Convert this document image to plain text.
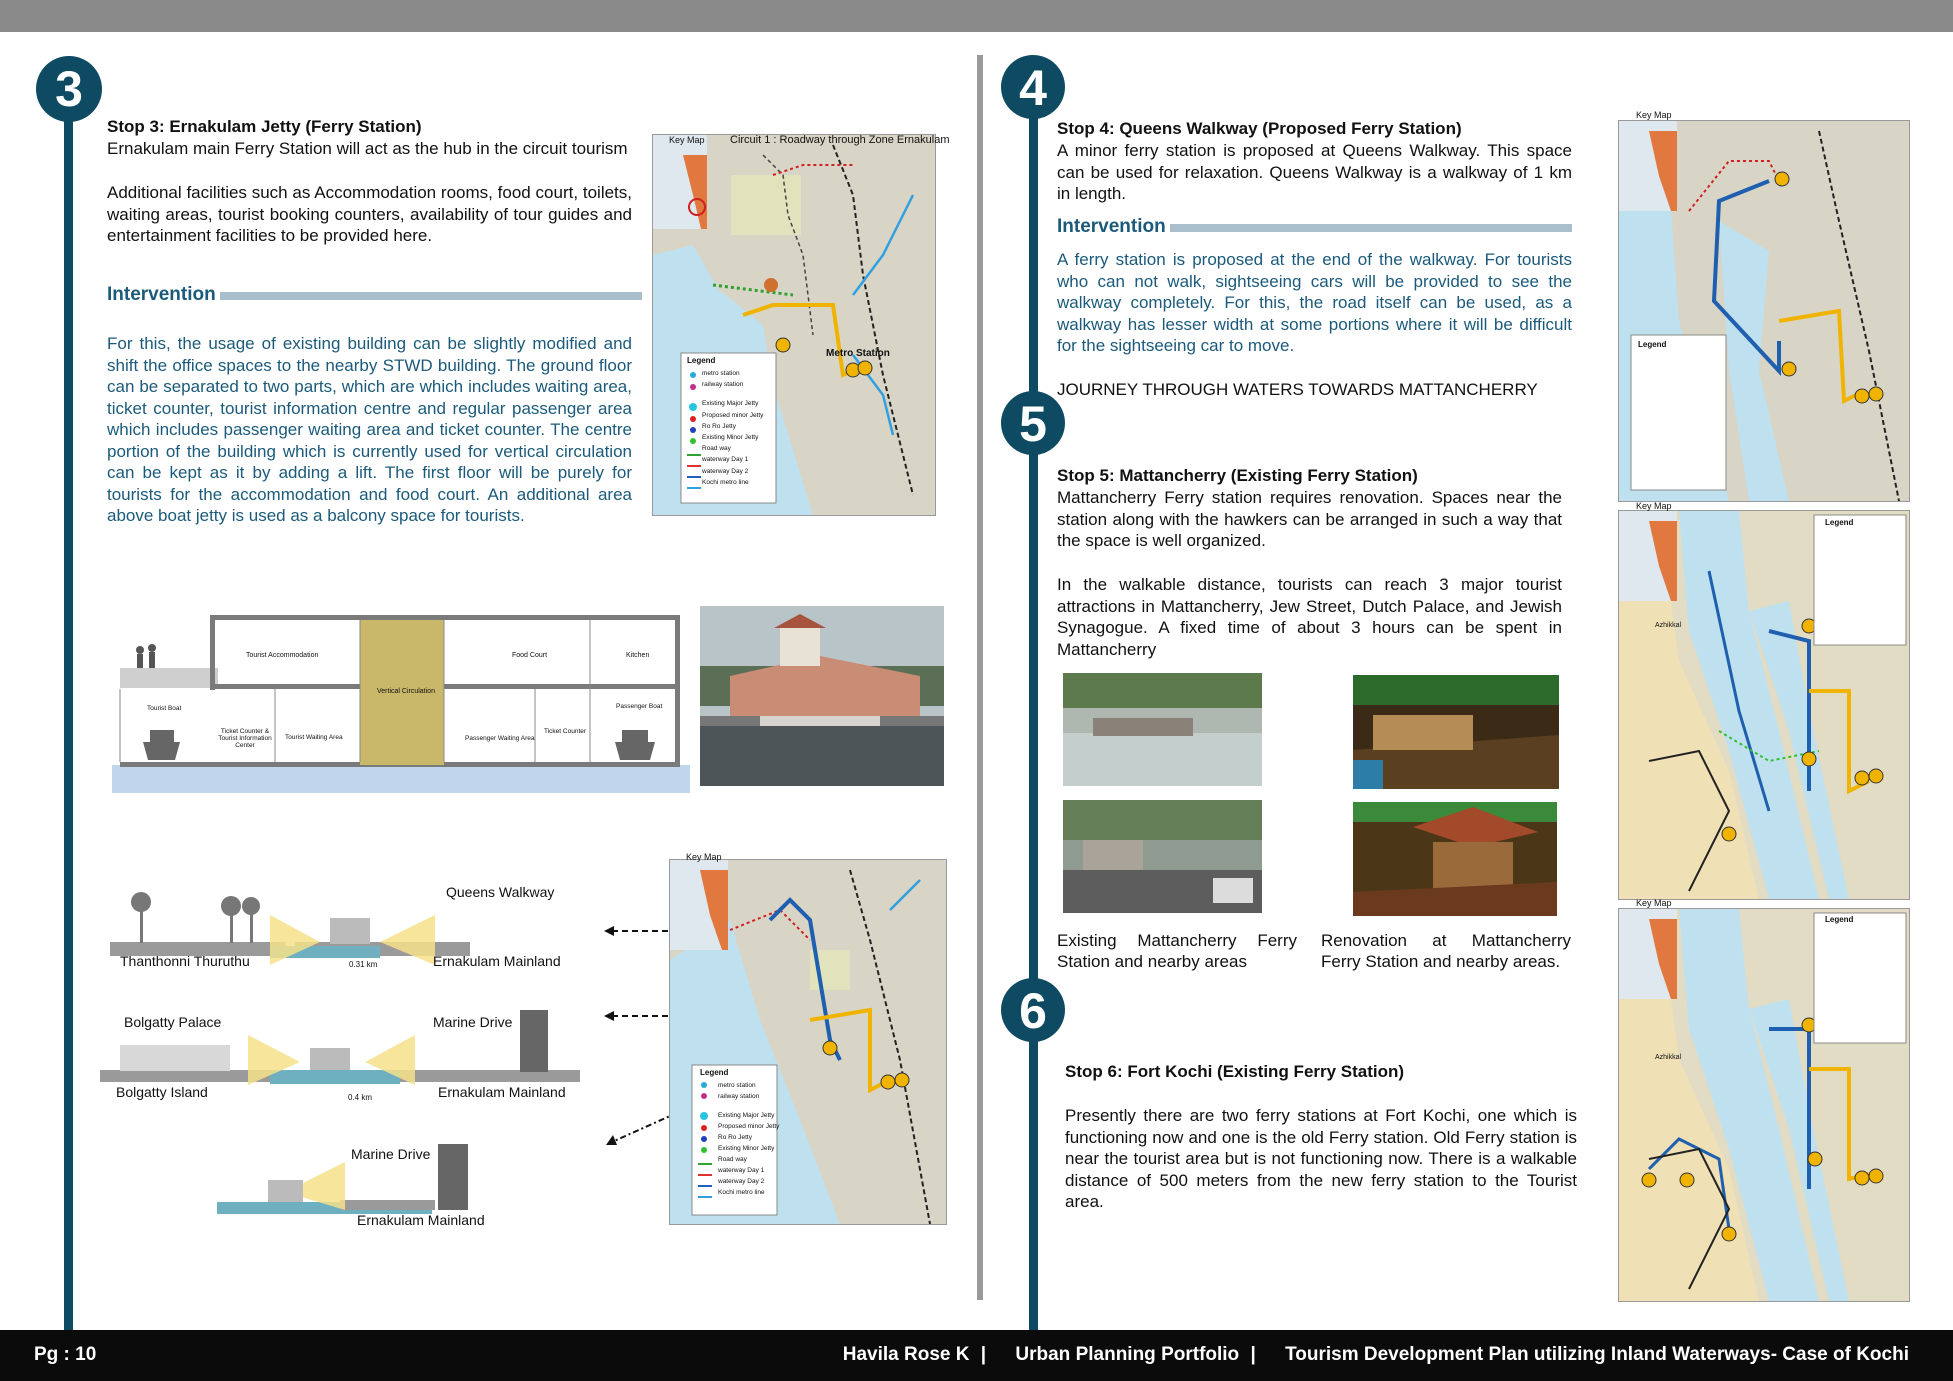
3	4
5
6
Stop 3: Ernakulam Jetty (Ferry Station)
Ernakulam main Ferry Station will act as the hub in the circuit tourism
Additional facilities such as Accommodation rooms, food court, toilets, waiting areas, tourist booking counters, availability of tour guides and entertainment facilities to be provided here.
Intervention
For this, the usage of existing building can be slightly modified and shift the office spaces to the nearby STWD building. The ground floor can be separated to two parts, which are which includes waiting area, ticket counter, tourist information centre and regular passenger area which includes passenger waiting area and ticket counter. The centre portion of the building which is currently used for vertical circulation can be kept as it by adding a lift. The first floor will be purely for tourists for the accommodation and food court. An additional area above boat jetty is used as a balcony space for tourists.
Key Map Circuit 1 : Roadway through Zone Ernakulam
Metro Station
Legend
metro station
railway station
Existing Major Jetty
Proposed minor Jetty
Ro Ro Jetty
Existing Minor Jetty
Road way
waterway Day 1
waterway Day 2
Kochi metro line
Tourist Accommodation
Vertical Circulation
Food Court	Kitchen
Tourist Boat
Ticket Counter & Tourist Information Center
Tourist Waiting Area	Passenger Waiting Area
Ticket Counter
Passenger Boat
Queens Walkway
Thanthonni Thuruthu	Ernakulam Mainland
0.31 km
Bolgatty Palace	Marine Drive
Bolgatty Island	Ernakulam Mainland
0.4 km
Marine Drive
Ernakulam Mainland
Key Map
Legend
metro station
railway station
Existing Major Jetty
Proposed minor Jetty
Ro Ro Jetty
Existing Minor Jetty
Road way
waterway Day 1
waterway Day 2
Kochi metro line
Stop 4: Queens Walkway (Proposed Ferry Station)
A minor ferry station is proposed at Queens Walkway. This space can be used for relaxation. Queens Walkway is a walkway of 1 km in length.
Intervention
A ferry station is proposed at the end of the walkway. For tourists who can not walk, sightseeing cars will be provided to see the walkway completely. For this, the road itself can be used, as a walkway has lesser width at some portions where it will be difficult for the sightseeing car to move.
JOURNEY THROUGH WATERS TOWARDS MATTANCHERRY
Stop 5: Mattancherry (Existing Ferry Station)
Mattancherry Ferry station requires renovation. Spaces near the station along with the hawkers can be arranged in such a way that the space is well organized.
In the walkable distance, tourists can reach 3 major tourist attractions in Mattancherry, Jew Street, Dutch Palace, and Jewish Synagogue. A fixed time of about 3 hours can be spent in Mattancherry
Existing Mattancherry Ferry Station and nearby areas
Renovation at Mattancherry Ferry Station and nearby areas.
Stop 6: Fort Kochi (Existing Ferry Station)
Presently there are two ferry stations at Fort Kochi, one which is functioning now and one is the old Ferry station. Old Ferry station is near the tourist area but is not functioning now. There is a walkable distance of 500 meters from the new ferry station to the Tourist area.
Key Map
Legend
Key Map
Legend
Azhikkal
Key Map
Legend
Azhikkal
Pg : 10	Havila Rose K | Urban Planning Portfolio | Tourism Development Plan utilizing Inland Waterways- Case of Kochi
